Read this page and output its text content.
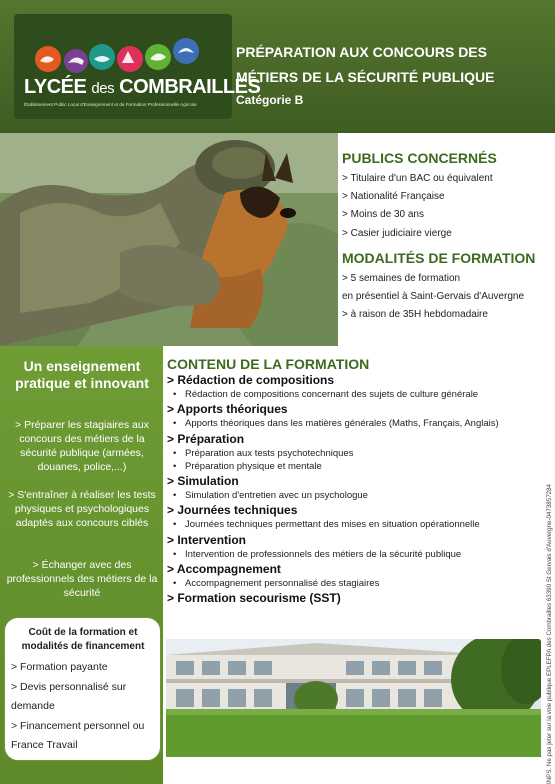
LYCÉE des COMBRAILLES
Établissement Public Local d'Enseignement et de Formation Professionnelle Agricole
PRÉPARATION AUX CONCOURS DES
MÉTIERS DE LA SÉCURITÉ PUBLIQUE
Catégorie B
PUBLICS CONCERNÉS
> Titulaire d'un BAC ou équivalent
> Nationalité Française
> Moins de 30 ans
> Casier judiciaire vierge
MODALITÉS DE FORMATION
> 5 semaines de formation
en présentiel à Saint-Gervais d'Auvergne
> à raison de 35H hebdomadaire
Un enseignement pratique et innovant
> Préparer les stagiaires aux concours des métiers de la sécurité publique (armées, douanes, police,...)
> S'entraîner à réaliser les tests physiques et psychologiques adaptés aux concours ciblés
> Échanger avec des professionnels des métiers de la sécurité
Coût de la formation et modalités de financement
> Formation payante
> Devis personnalisé sur demande
> Financement personnel ou France Travail
CONTENU DE LA FORMATION
> Rédaction de compositions
• Rédaction de compositions concernant des sujets de culture générale
> Apports théoriques
• Apports théoriques dans les matières générales (Maths, Français, Anglais)
> Préparation
• Préparation aux tests psychotechniques
• Préparation physique et mentale
> Simulation
• Simulation d'entretien avec un psychologue
> Journées techniques
• Journées techniques permettant des mises en situation opérationnelle
> Intervention
• Intervention de professionnels des métiers de la sécurité publique
> Accompagnement
• Accompagnement personnalisé des stagiaires
> Formation secourisme (SST)	INPS. Ne pas jeter sur la voie publique EPLEFPA des Combrailles 63390 St Gervais d'Auvergne-0473857284
